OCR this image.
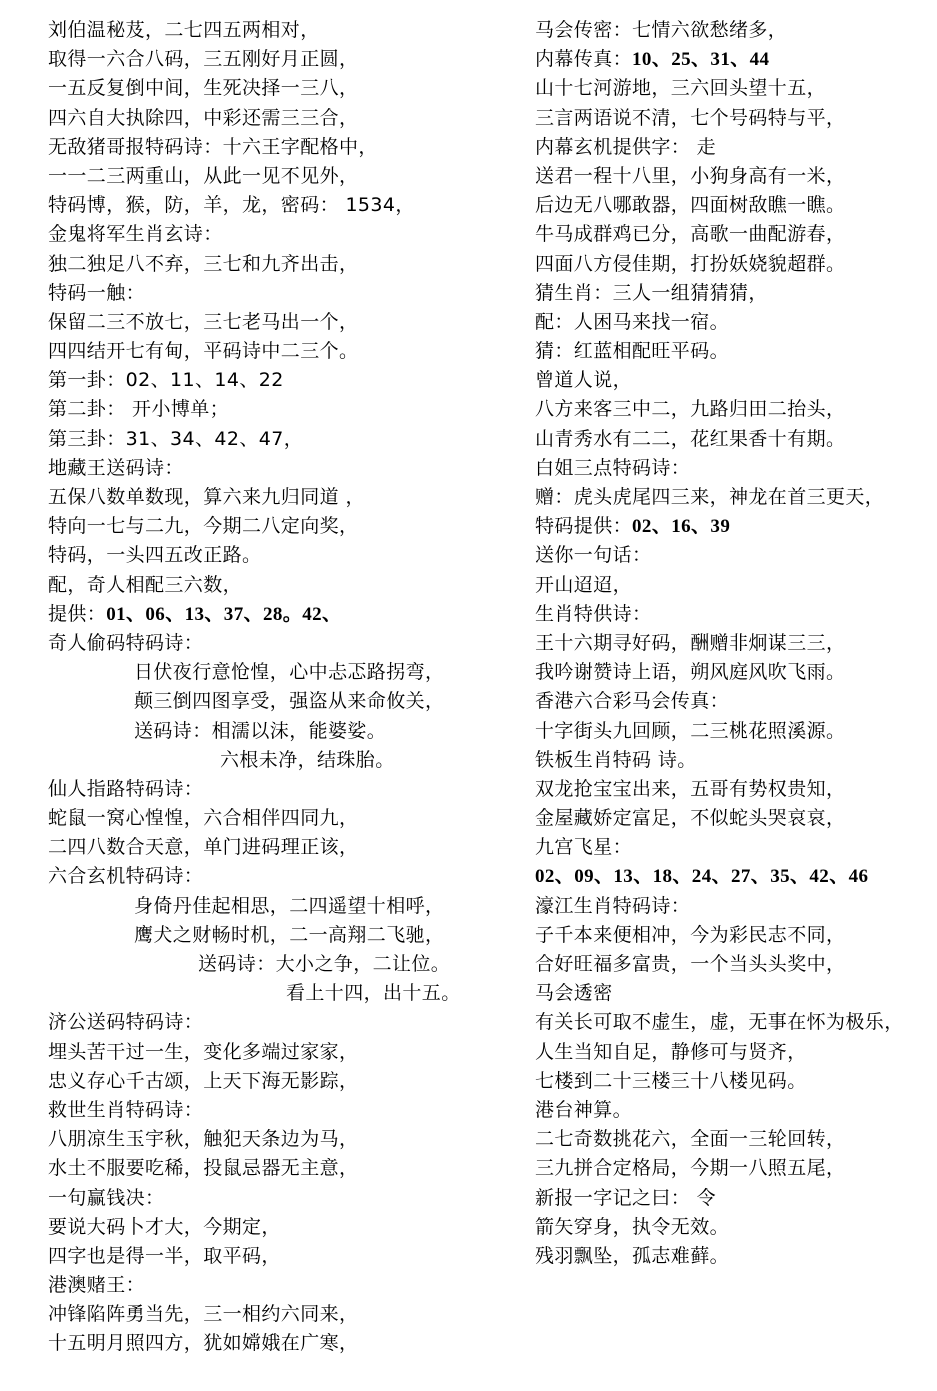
刘伯温秘芨，二七四五两相对，
取得一六合八码，三五刚好月正圆，
一五反复倒中间，生死决择一三八，
四六自大执除四，中彩还需三三合，
无敌猪哥报特码诗：十六王字配格中，
一一二三两重山，从此一见不见外，
特码博，猴，防，羊，龙，密码： 1534，
金鬼将军生肖玄诗：
独二独足八不弃，三七和九齐出击，
特码一触：
保留二三不放七，三七老马出一个，
四四结开七有甸，平码诗中二三个。
第一卦：02、11、14、22
第二卦： 开小博单；
第三卦：31、34、42、47，
地藏王送码诗：
五保八数单数现，算六来九归同道 ，
特向一七与二九，今期二八定向奖，
特码，一头四五改正路。
配，奇人相配三六数，
提供：01、06、13、37、28。42、
奇人偷码特码诗：
日伏夜行意怆惶，心中忐忑路拐弯，
颠三倒四图享受，强盗从来命攸关，
送码诗：相濡以沫，能婆娑。
六根未净，结珠胎。
仙人指路特码诗：
蛇鼠一窝心惶惶，六合相伴四同九，
二四八数合天意，单门进码理正该，
六合玄机特码诗：
身倚丹佳起相思，二四遥望十相呼，
鹰犬之财畅时机，二一高翔二飞驰，
送码诗：大小之争，二让位。
看上十四，出十五。
济公送码特码诗：
埋头苦干过一生，变化多端过家家，
忠义存心千古颂，上天下海无影踪，
救世生肖特码诗：
八朋凉生玉宇秋，触犯天条边为马，
水土不服要吃稀，投鼠忌器无主意，
一句赢钱决：
要说大码卜才大，今期定，
四字也是得一半，取平码，
港澳赌王：
冲锋陷阵勇当先，三一相约六同来，
十五明月照四方，犹如嫦娥在广寒，
马会传密：七情六欲愁绪多，
内幕传真：10、25、31、44
山十七河游地，三六回头望十五，
三言两语说不清，七个号码特与平，
内幕玄机提供字： 走
送君一程十八里，小狗身高有一米，
后边无八哪敢器，四面树敌瞧一瞧。
牛马成群鸡已分，高歌一曲配游春，
四面八方侵佳期，打扮妖娆貌超群。
猜生肖：三人一组猜猜猜，
配：人困马来找一宿。
猜：红蓝相配旺平码。
曾道人说，
八方来客三中二，九路归田二抬头，
山青秀水有二二，花红果香十有期。
白姐三点特码诗：
赠：虎头虎尾四三来，神龙在首三更天，
特码提供：02、16、39
送你一句话：
开山迢迢，
生肖特供诗：
王十六期寻好码，酬赠非炯谋三三，
我吟谢赞诗上语，朔风庭风吹飞雨。
香港六合彩马会传真：
十字街头九回顾，二三桃花照溪源。
铁板生肖特码 诗。
双龙抢宝宝出来，五哥有势权贵知，
金屋藏娇定富足，不似蛇头哭哀哀，
九宫飞星：
02、09、13、18、24、27、35、42、46
濠江生肖特码诗：
子千本来便相冲，今为彩民志不同，
合好旺福多富贵，一个当头头奖中，
马会透密
有关长可取不虚生，虚，无事在怀为极乐，
人生当知自足，静修可与贤齐，
七楼到二十三楼三十八楼见码。
港台神算。
二七奇数挑花六，全面一三轮回转，
三九拼合定格局，今期一八照五尾，
新报一字记之曰： 令
箭矢穿身，执令无效。
残羽飘坠，孤志难藓。
